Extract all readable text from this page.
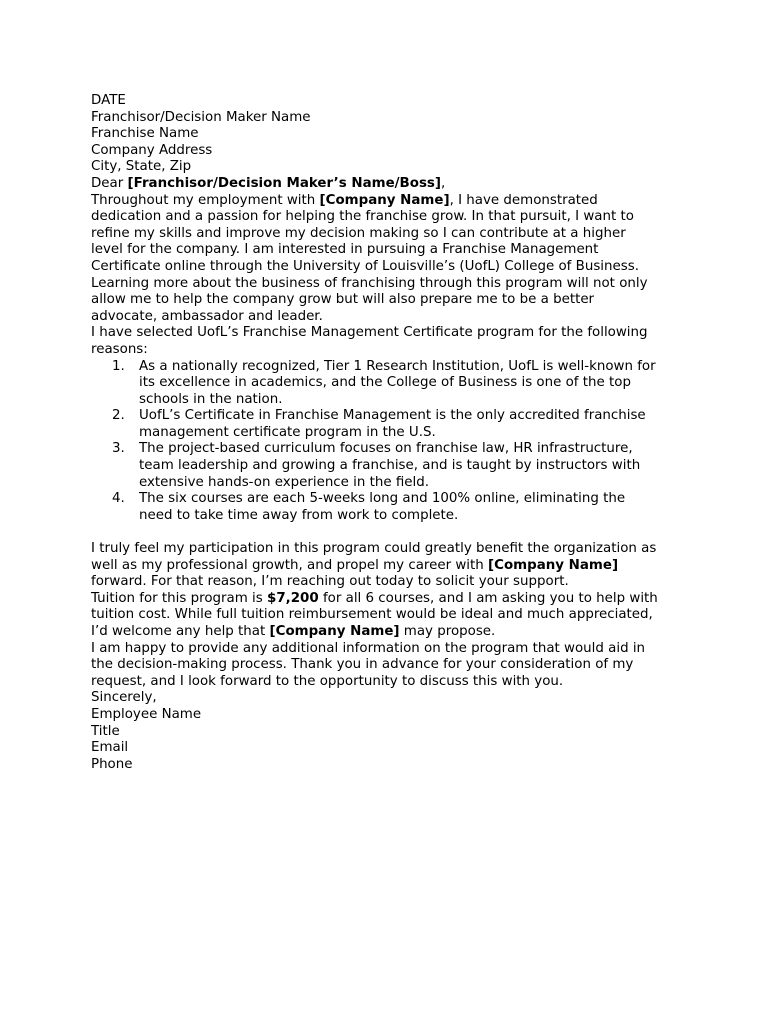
DATE

Franchisor/Decision Maker Name
Franchise Name
Company Address
City, State, Zip

Dear [Franchisor/Decision Maker’s Name/Boss],

Throughout my employment with [Company Name], I have demonstrated
dedication and a passion for helping the franchise grow. In that pursuit, I want to
refine my skills and improve my decision making so I can contribute at a higher
level for the company. I am interested in pursuing a Franchise Management
Certificate online through the University of Louisville’s (UofL) College of Business.
Learning more about the business of franchising through this program will not only
allow me to help the company grow but will also prepare me to be a better
advocate, ambassador and leader.

I have selected UofL’s Franchise Management Certificate program for the following
reasons:
1. As a nationally recognized, Tier 1 Research Institution, UofL is well-known for
its excellence in academics, and the College of Business is one of the top
schools in the nation.
2. UofL’s Certificate in Franchise Management is the only accredited franchise
management certificate program in the U.S.
3. The project-based curriculum focuses on franchise law, HR infrastructure,
team leadership and growing a franchise, and is taught by instructors with
extensive hands-on experience in the field.
4. The six courses are each 5-weeks long and 100% online, eliminating the
need to take time away from work to complete.

I truly feel my participation in this program could greatly benefit the organization as
well as my professional growth, and propel my career with [Company Name]
forward. For that reason, I’m reaching out today to solicit your support.

Tuition for this program is $7,200 for all 6 courses, and I am asking you to help with
tuition cost. While full tuition reimbursement would be ideal and much appreciated,
I’d welcome any help that [Company Name] may propose.

I am happy to provide any additional information on the program that would aid in
the decision-making process. Thank you in advance for your consideration of my
request, and I look forward to the opportunity to discuss this with you.

Sincerely,
Employee Name
Title
Email
Phone
